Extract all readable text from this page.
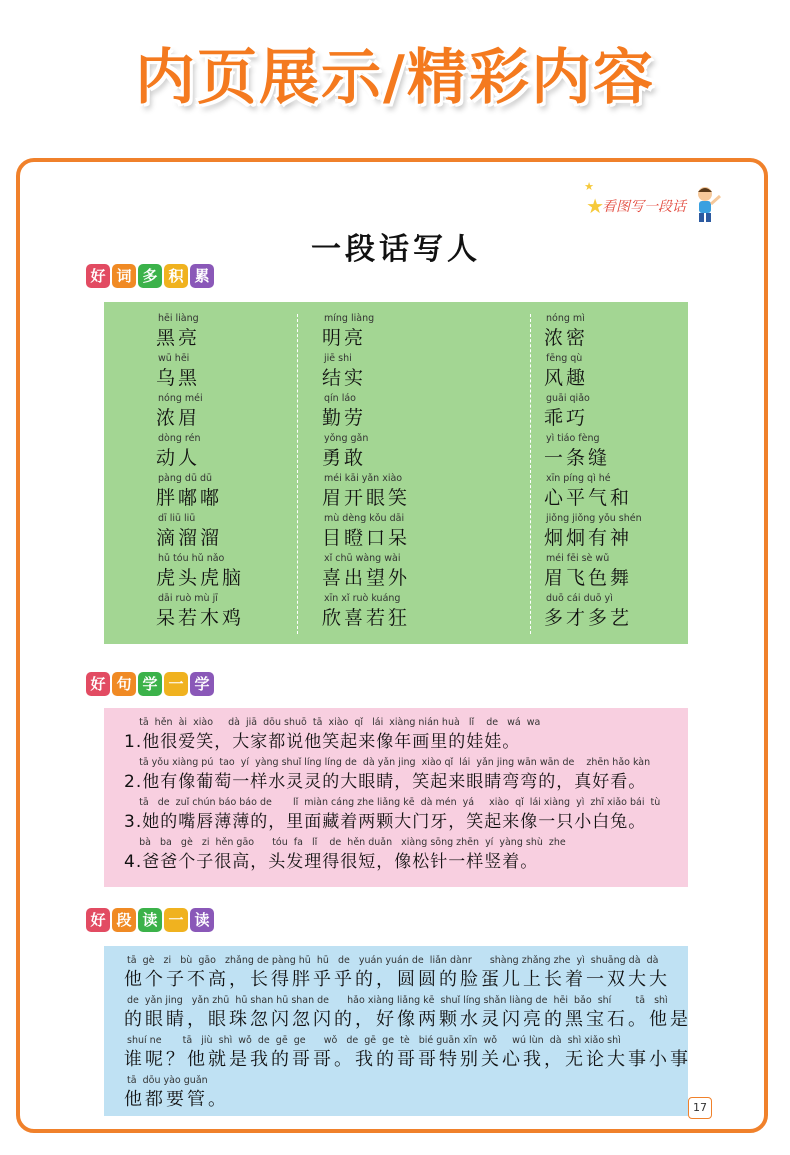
内页展示/精彩内容
★
★
看图写一段话
一段话写人
好 词 多 积 累
hēi liàng
黑亮
wū hēi
乌黑
nóng méi
浓眉
dòng rén
动人
pàng dū dū
胖嘟嘟
dī liū liū
滴溜溜
hǔ tóu hǔ nǎo
虎头虎脑
dāi ruò mù jī
呆若木鸡
míng liàng
明亮
jiē shi
结实
qín láo
勤劳
yǒng gǎn
勇敢
méi kāi yǎn xiào
眉开眼笑
mù dèng kǒu dāi
目瞪口呆
xǐ chū wàng wài
喜出望外
xīn xǐ ruò kuáng
欣喜若狂
nóng mì
浓密
fēng qù
风趣
guāi qiǎo
乖巧
yì tiáo fèng
一条缝
xīn píng qì hé
心平气和
jiǒng jiǒng yǒu shén
炯炯有神
méi fēi sè wǔ
眉飞色舞
duō cái duō yì
多才多艺
好 句 学 一 学
tā  hěn  ài  xiào     dà  jiā  dōu shuō  tā  xiào  qǐ   lái  xiàng nián huà   lǐ    de   wá  wa
1.他很爱笑，大家都说他笑起来像年画里的娃娃。
tā yǒu xiàng pú  tao  yí  yàng shuǐ líng líng de  dà yǎn jing  xiào qǐ  lái  yǎn jing wān wān de    zhēn hǎo kàn
2.他有像葡萄一样水灵灵的大眼睛，笑起来眼睛弯弯的，真好看。
tā   de  zuǐ chún báo báo de       lǐ  miàn cáng zhe liǎng kē  dà mén  yá     xiào  qǐ  lái xiàng  yì  zhī xiǎo bái  tù
3.她的嘴唇薄薄的，里面藏着两颗大门牙，笑起来像一只小白兔。
bà   ba   gè   zi  hěn gāo      tóu  fa   lǐ    de  hěn duǎn   xiàng sōng zhēn  yí  yàng shù  zhe
4.爸爸个子很高，头发理得很短，像松针一样竖着。
好 段 读 一 读
tā  gè   zi   bù  gāo   zhǎng de pàng hū  hū   de   yuán yuán de  liǎn dànr      shàng zhǎng zhe  yì  shuāng dà  dà
他个子不高，长得胖乎乎的，圆圆的脸蛋儿上长着一双大大
de  yǎn jing   yǎn zhū  hū shan hū shan de      hǎo xiàng liǎng kē  shuǐ líng shǎn liàng de  hēi  bǎo  shí        tā   shì
的眼睛，眼珠忽闪忽闪的，好像两颗水灵闪亮的黑宝石。他是
shuí ne       tā   jiù  shì  wǒ  de  gē  ge      wǒ   de  gē  ge  tè   bié guān xīn  wǒ     wú lùn  dà  shì xiǎo shì
谁呢？他就是我的哥哥。我的哥哥特别关心我，无论大事小事
tā  dōu yào guǎn
他都要管。	17
